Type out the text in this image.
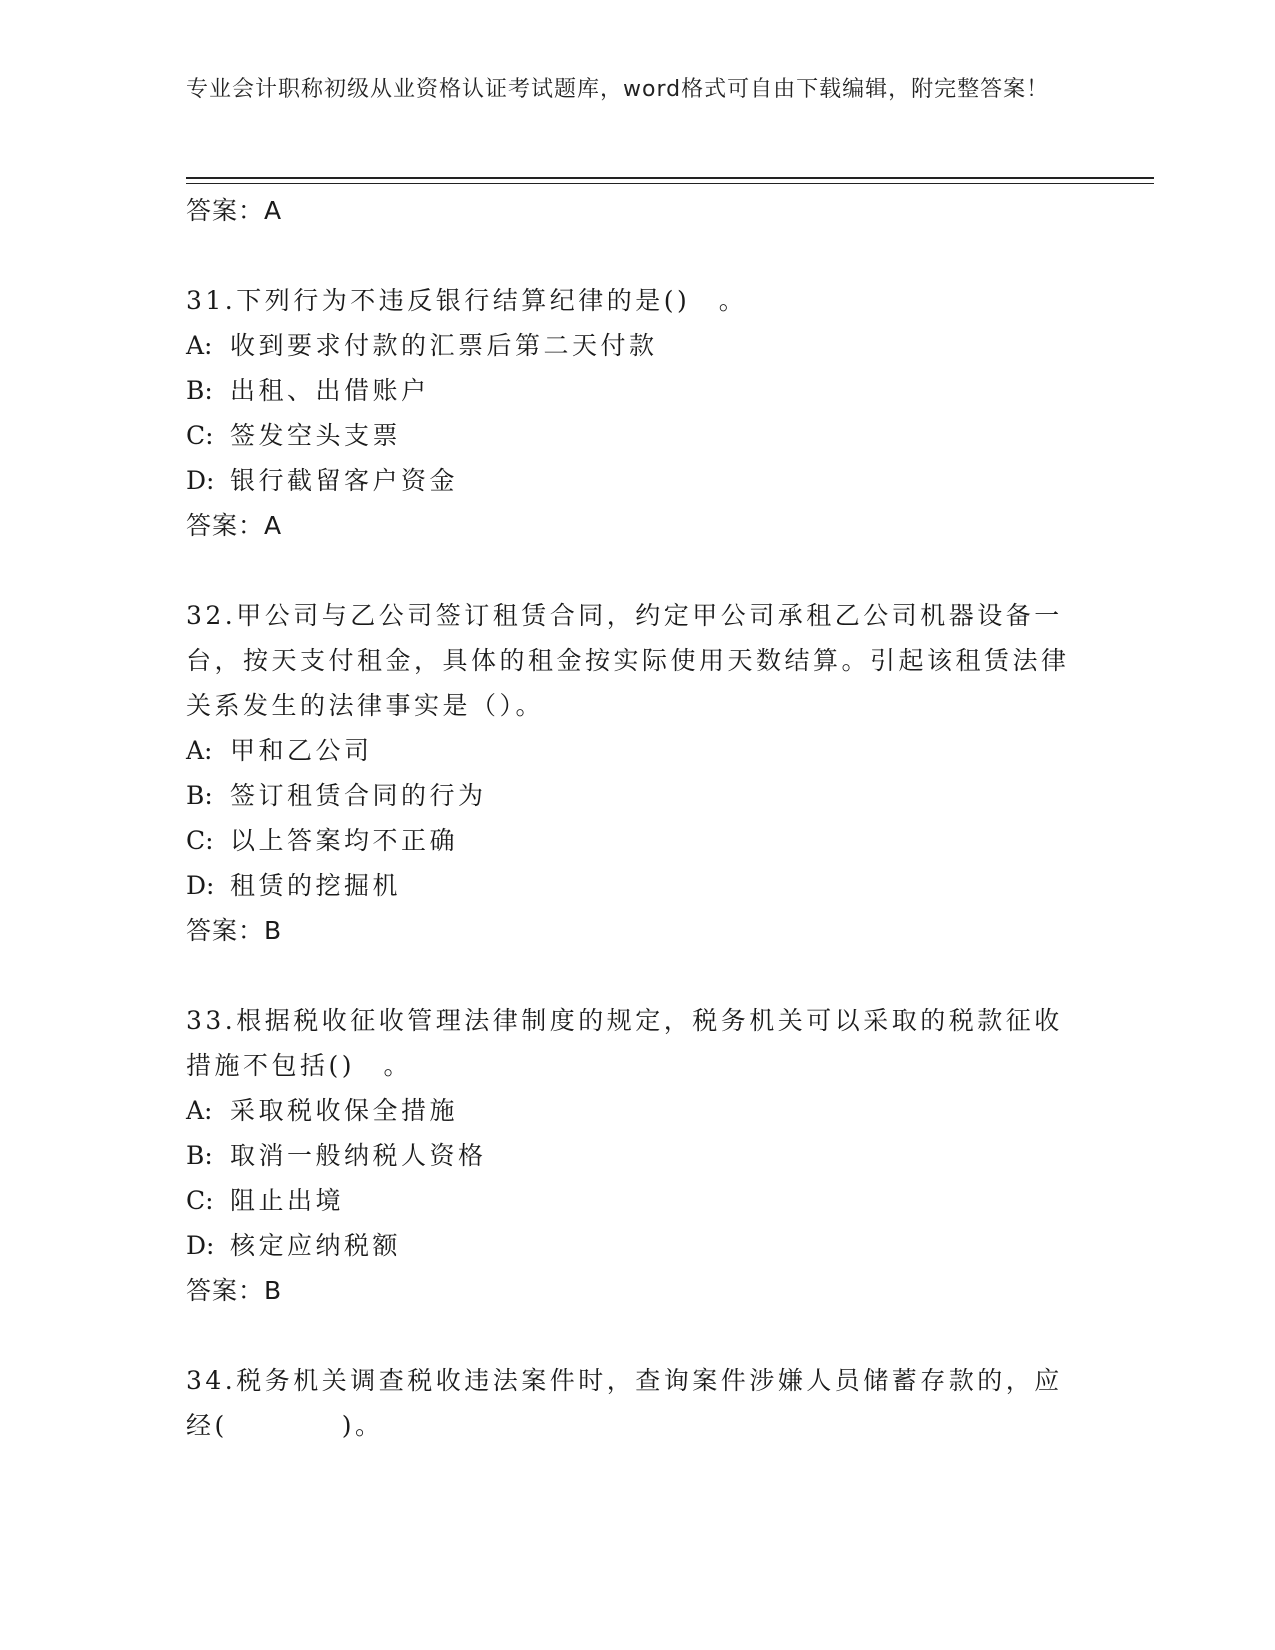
专业会计职称初级从业资格认证考试题库，word格式可自由下载编辑，附完整答案！
答案：A

31.下列行为不违反银行结算纪律的是()　。

A: 收到要求付款的汇票后第二天付款

B: 出租、出借账户

C: 签发空头支票

D: 银行截留客户资金

答案：A

32.甲公司与乙公司签订租赁合同，约定甲公司承租乙公司机器设备一台，按天支付租金，具体的租金按实际使用天数结算。引起该租赁法律关系发生的法律事实是（）。

A: 甲和乙公司

B: 签订租赁合同的行为

C: 以上答案均不正确

D: 租赁的挖掘机

答案：B

33.根据税收征收管理法律制度的规定，税务机关可以采取的税款征收措施不包括()　。

A: 采取税收保全措施

B: 取消一般纳税人资格

C: 阻止出境

D: 核定应纳税额

答案：B

34.税务机关调查税收违法案件时，查询案件涉嫌人员储蓄存款的，应经(　　　　)。
